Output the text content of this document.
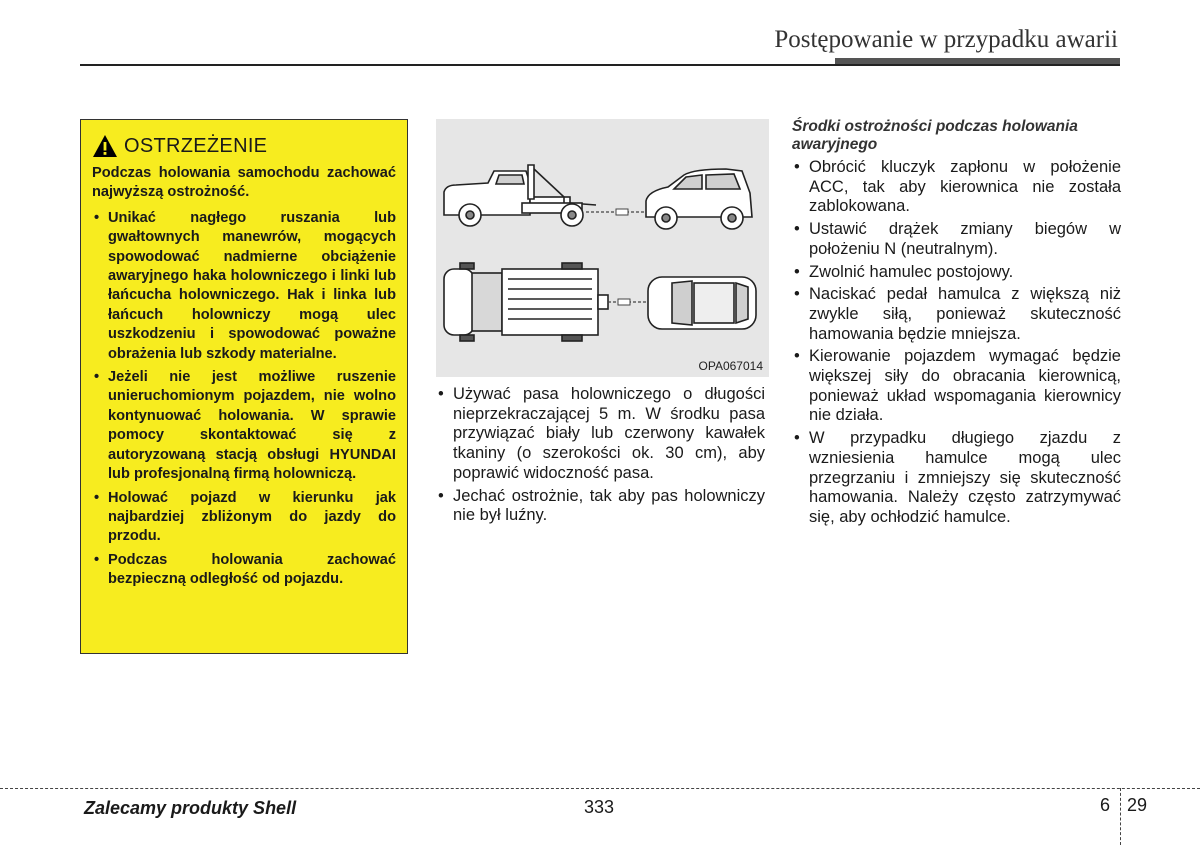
Postępowanie w przypadku awarii
OSTRZEŻENIE
Podczas holowania samochodu zachować najwyższą ostrożność.
• Unikać nagłego ruszania lub gwałtownych manewrów, mogących spowodować nadmierne obciążenie awaryjnego haka holowniczego i linki lub łańcucha holowniczego. Hak i linka lub łańcuch holowniczy mogą ulec uszkodzeniu i spowodować poważne obrażenia lub szkody materialne.
• Jeżeli nie jest możliwe ruszenie unieruchomionym pojazdem, nie wolno kontynuować holowania. W sprawie pomocy skontaktować się z autoryzowaną stacją obsługi HYUNDAI lub profesjonalną firmą holowniczą.
• Holować pojazd w kierunku jak najbardziej zbliżonym do jazdy do przodu.
• Podczas holowania zachować bezpieczną odległość od pojazdu.
OPA067014
• Używać pasa holowniczego o długości nieprzekraczającej 5 m. W środku pasa przywiązać biały lub czerwony kawałek tkaniny (o szerokości ok. 30 cm), aby poprawić widoczność pasa.
• Jechać ostrożnie, tak aby pas holowniczy nie był luźny.
Środki ostrożności podczas holowania awaryjnego
• Obrócić kluczyk zapłonu w położenie ACC, tak aby kierownica nie została zablokowana.
• Ustawić drążek zmiany biegów w położeniu N (neutralnym).
• Zwolnić hamulec postojowy.
• Naciskać pedał hamulca z większą niż zwykle siłą, ponieważ skuteczność hamowania będzie mniejsza.
• Kierowanie pojazdem wymagać będzie większej siły do obracania kierownicą, ponieważ układ wspomagania kierownicy nie działa.
• W przypadku długiego zjazdu z wzniesienia hamulce mogą ulec przegrzaniu i zmniejszy się skuteczność hamowania. Należy często zatrzymywać się, aby ochłodzić hamulce.
Zalecamy produkty Shell	333	6 29
